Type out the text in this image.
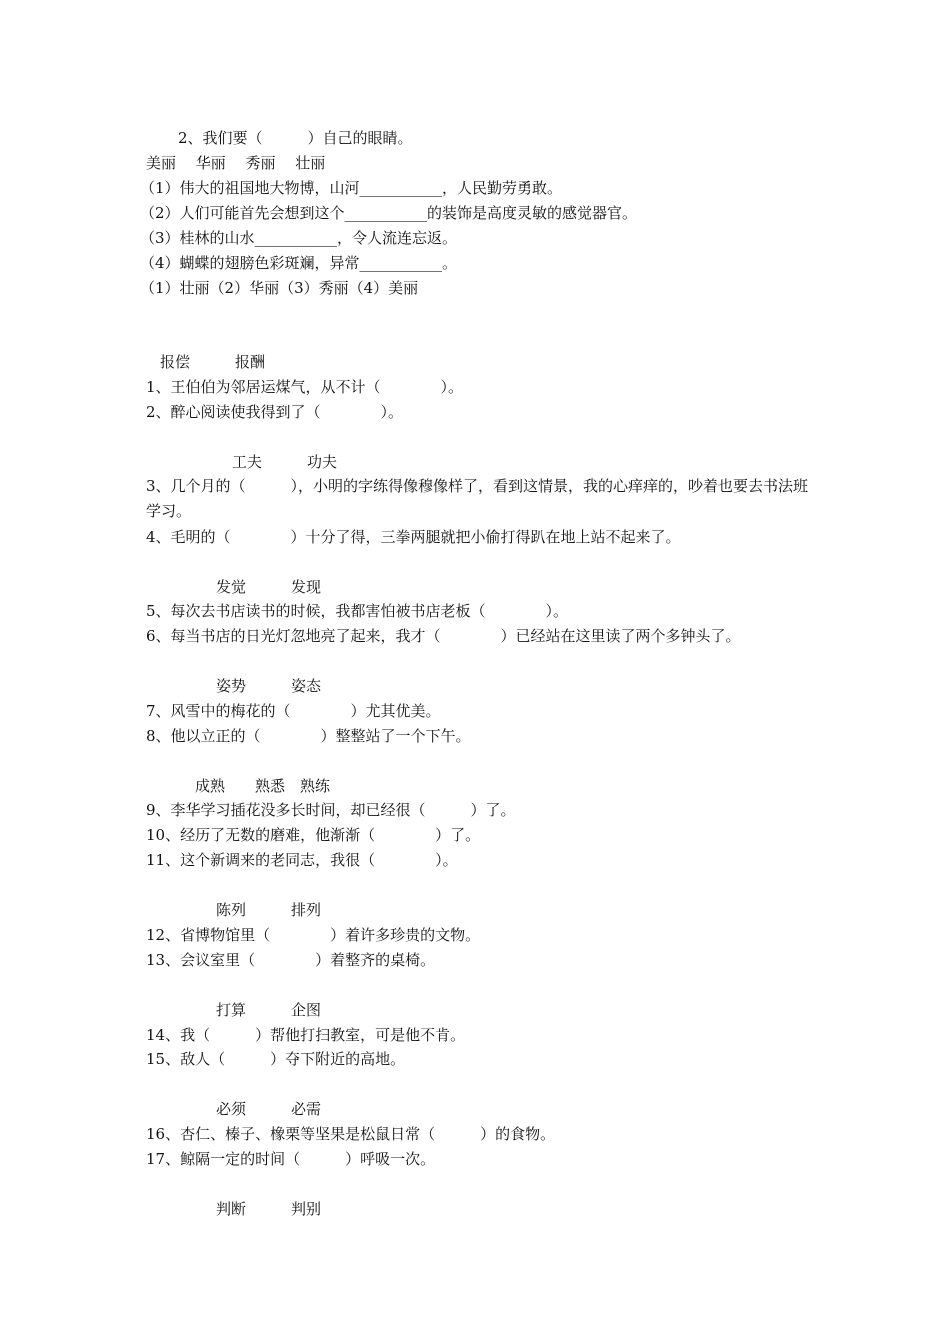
2、我们要（　　　）自己的眼睛。
美丽　 华丽　 秀丽　 壮丽
（1）伟大的祖国地大物博，山河___________，人民勤劳勇敢。
（2）人们可能首先会想到这个___________的装饰是高度灵敏的感觉器官。
（3）桂林的山水___________，令人流连忘返。
（4）蝴蝶的翅膀色彩斑斓，异常___________。
（1）壮丽（2）华丽（3）秀丽（4）美丽
报偿　　　报酬
1、王伯伯为邻居运煤气，从不计（　　　　）。
2、醉心阅读使我得到了（　　　　）。
工夫　　　功夫
3、几个月的（　　　），小明的字练得像穆像样了，看到这情景，我的心痒痒的，吵着也要去书法班学习。
4、毛明的（　　　　）十分了得，三拳两腿就把小偷打得趴在地上站不起来了。
发觉　　　发现
5、每次去书店读书的时候，我都害怕被书店老板（　　　　）。
6、每当书店的日光灯忽地亮了起来，我才（　　　　）已经站在这里读了两个多钟头了。
姿势　　　姿态
7、风雪中的梅花的（　　　　）尤其优美。
8、他以立正的（　　　　）整整站了一个下午。
成熟　　熟悉　熟练
9、李华学习插花没多长时间，却已经很（　　　）了。
10、经历了无数的磨难，他渐渐（　　　　）了。
11、这个新调来的老同志，我很（　　　　）。
陈列　　　排列
12、省博物馆里（　　　　）着许多珍贵的文物。
13、会议室里（　　　　）着整齐的桌椅。
打算　　　企图
14、我（　　　）帮他打扫教室，可是他不肯。
15、敌人（　　　）夺下附近的高地。
必须　　　必需
16、杏仁、榛子、橡栗等坚果是松鼠日常（　　　）的食物。
17、鲸隔一定的时间（　　　）呼吸一次。
判断　　　判别
